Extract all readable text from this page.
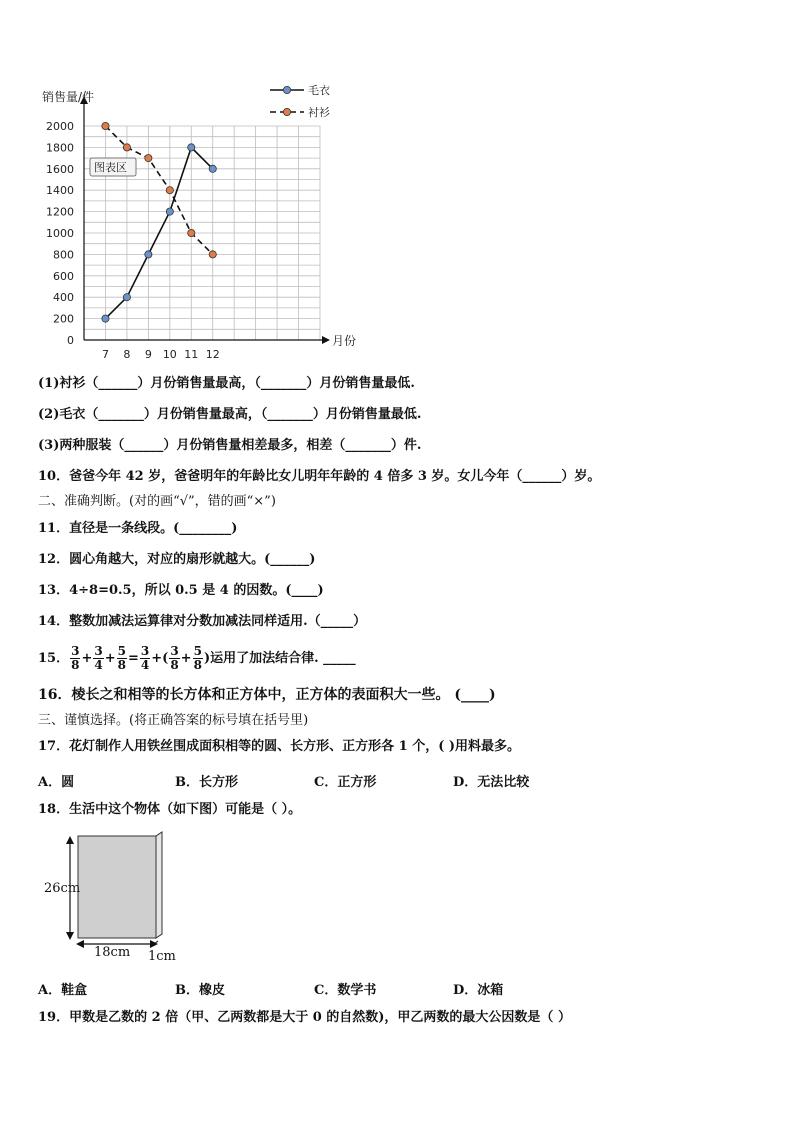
0
200
400
600
800
1000
1200
1400
1600
1800
2000
7 8 9 10 11 12
销售量/件
月份
图表区
毛衣
衬衫
(1)衬衫（______）月份销售量最高，（_______）月份销售量最低.
(2)毛衣（_______）月份销售量最高，（_______）月份销售量最低.
(3)两种服装（______）月份销售量相差最多，相差（_______）件.
10．爸爸今年 42 岁，爸爸明年的年龄比女儿明年年龄的 4 倍多 3 岁。女儿今年（______）岁。
二、准确判断。(对的画“√”，错的画“×”)
11．直径是一条线段。(________)
12．圆心角越大，对应的扇形就越大。(______)
13．4÷8=0.5，所以 0.5 是 4 的因数。(____)
14．整数加减法运算律对分数加减法同样适用.（_____）
15． $\frac{3}{8} + \frac{3}{4} + \frac{5}{8} = \frac{3}{4}$ +( $\frac{3}{8} + \frac{5}{8}$ )运用了加法结合律. _____
16．棱长之和相等的长方体和正方体中，正方体的表面积大一些。 (____)
三、谨慎选择。(将正确答案的标号填在括号里)
17．花灯制作人用铁丝围成面积相等的圆、长方形、正方形各 1 个，( )用料最多。
A．圆	B．长方形	C．正方形	D．无法比较
18．生活中这个物体（如下图）可能是（ ）。
26cm
18cm 1cm
A．鞋盒	B．橡皮	C．数学书	D．冰箱
19．甲数是乙数的 2 倍（甲、乙两数都是大于 0 的自然数)，甲乙两数的最大公因数是（ ）
